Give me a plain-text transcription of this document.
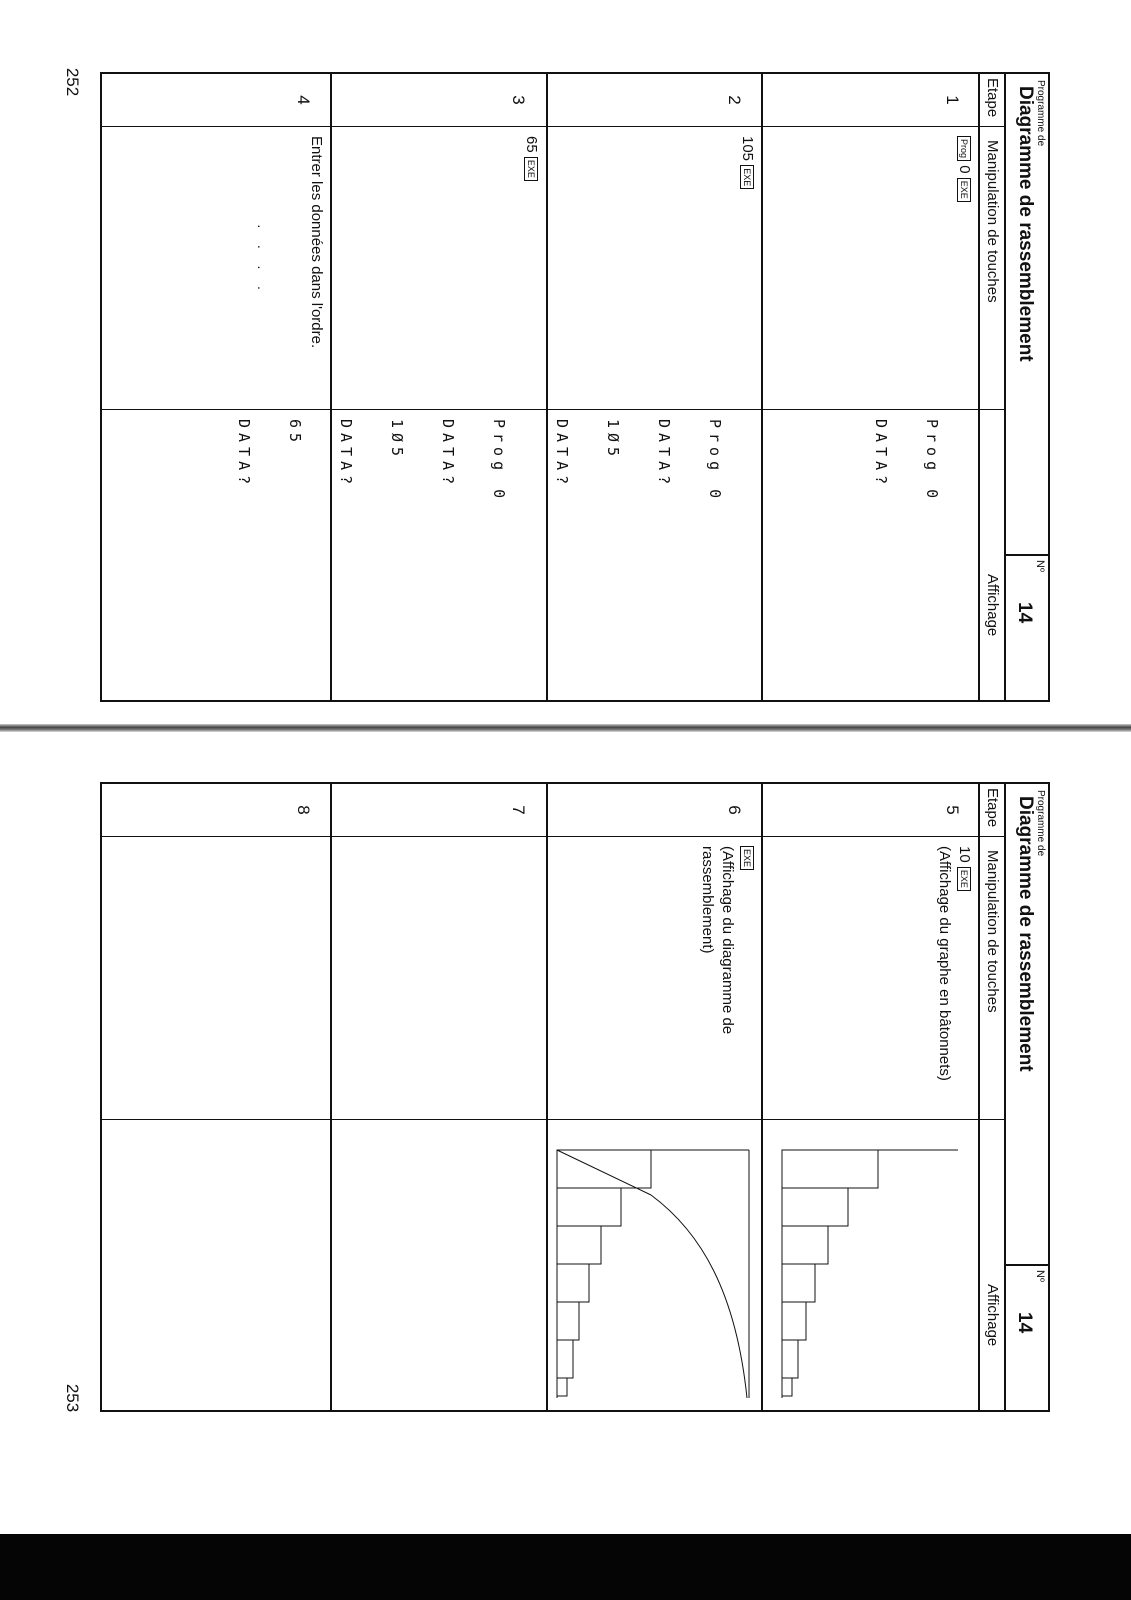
252
253
Programme de
Diagramme de rassemblement
Nº
14
Etape
Manipulation de touches
Affichage
1
Prog 0 EXE

Prog 0

DATA?

2
105 EXE

Prog 0

DATA?

1Ø5

DATA?

3
65 EXE

Prog 0

DATA?

1Ø5

DATA?

65

DATA?

4
Entrer les données dans l'ordre.
· · · ·
Programme de
Diagramme de rassemblement
Nº
14
Etape
Manipulation de touches
Affichage
5
10 EXE
(Affichage du graphe en bâtonnets)
6
EXE
(Affichage du diagramme de rassemblement)
7
8
